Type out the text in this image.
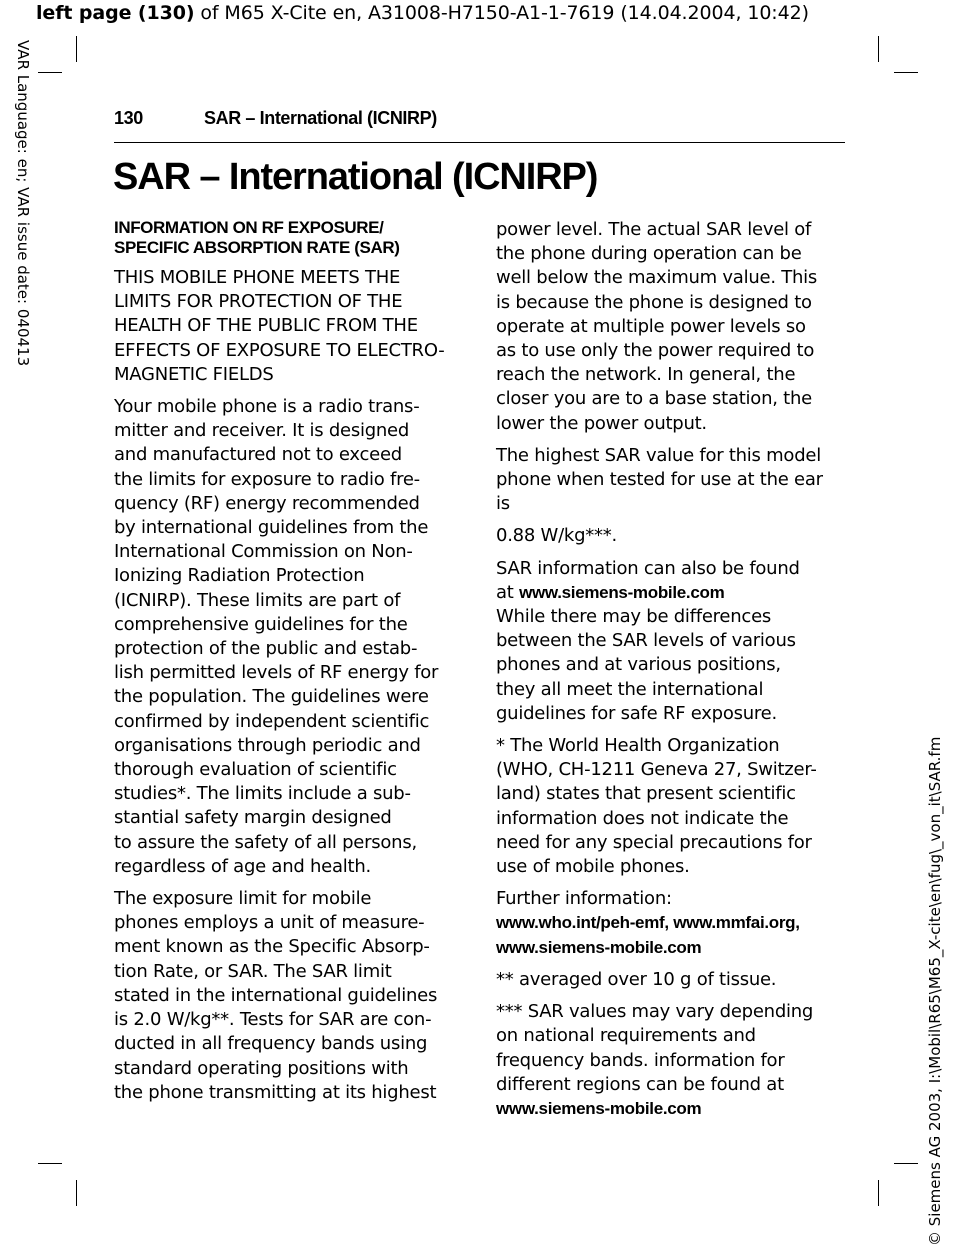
left page (130) of M65 X-Cite en, A31008-H7150-A1-1-7619 (14.04.2004, 10:42)
VAR Language: en; VAR issue date: 040413
© Siemens AG 2003, I:\Mobil\R65\M65_X-cite\en\fug\_von_it\SAR.fm
130	SAR – International (ICNIRP)
SAR – International (ICNIRP)
INFORMATION ON RF EXPOSURE/
SPECIFIC ABSORPTION RATE (SAR)

THIS MOBILE PHONE MEETS THE
LIMITS FOR PROTECTION OF THE
HEALTH OF THE PUBLIC FROM THE
EFFECTS OF EXPOSURE TO ELECTRO-
MAGNETIC FIELDS

Your mobile phone is a radio trans-
mitter and receiver. It is designed
and manufactured not to exceed
the limits for exposure to radio fre-
quency (RF) energy recommended
by international guidelines from the
International Commission on Non-
Ionizing Radiation Protection
(ICNIRP). These limits are part of
comprehensive guidelines for the
protection of the public and estab-
lish permitted levels of RF energy for
the population. The guidelines were
confirmed by independent scientific
organisations through periodic and
thorough evaluation of scientific
studies*. The limits include a sub-
stantial safety margin designed
to assure the safety of all persons,
regardless of age and health.

The exposure limit for mobile
phones employs a unit of measure-
ment known as the Specific Absorp-
tion Rate, or SAR. The SAR limit
stated in the international guidelines
is 2.0 W/kg**. Tests for SAR are con-
ducted in all frequency bands using
standard operating positions with
the phone transmitting at its highest

power level. The actual SAR level of
the phone during operation can be
well below the maximum value. This
is because the phone is designed to
operate at multiple power levels so
as to use only the power required to
reach the network. In general, the
closer you are to a base station, the
lower the power output.

The highest SAR value for this model
phone when tested for use at the ear
is

0.88 W/kg***.

SAR information can also be found
at www.siemens-mobile.com
While there may be differences
between the SAR levels of various
phones and at various positions,
they all meet the international
guidelines for safe RF exposure.

* The World Health Organization
(WHO, CH-1211 Geneva 27, Switzer-
land) states that present scientific
information does not indicate the
need for any special precautions for
use of mobile phones.

Further information:
www.who.int/peh-emf, www.mmfai.org,
www.siemens-mobile.com

** averaged over 10 g of tissue.

*** SAR values may vary depending
on national requirements and
frequency bands. information for
different regions can be found at
www.siemens-mobile.com
